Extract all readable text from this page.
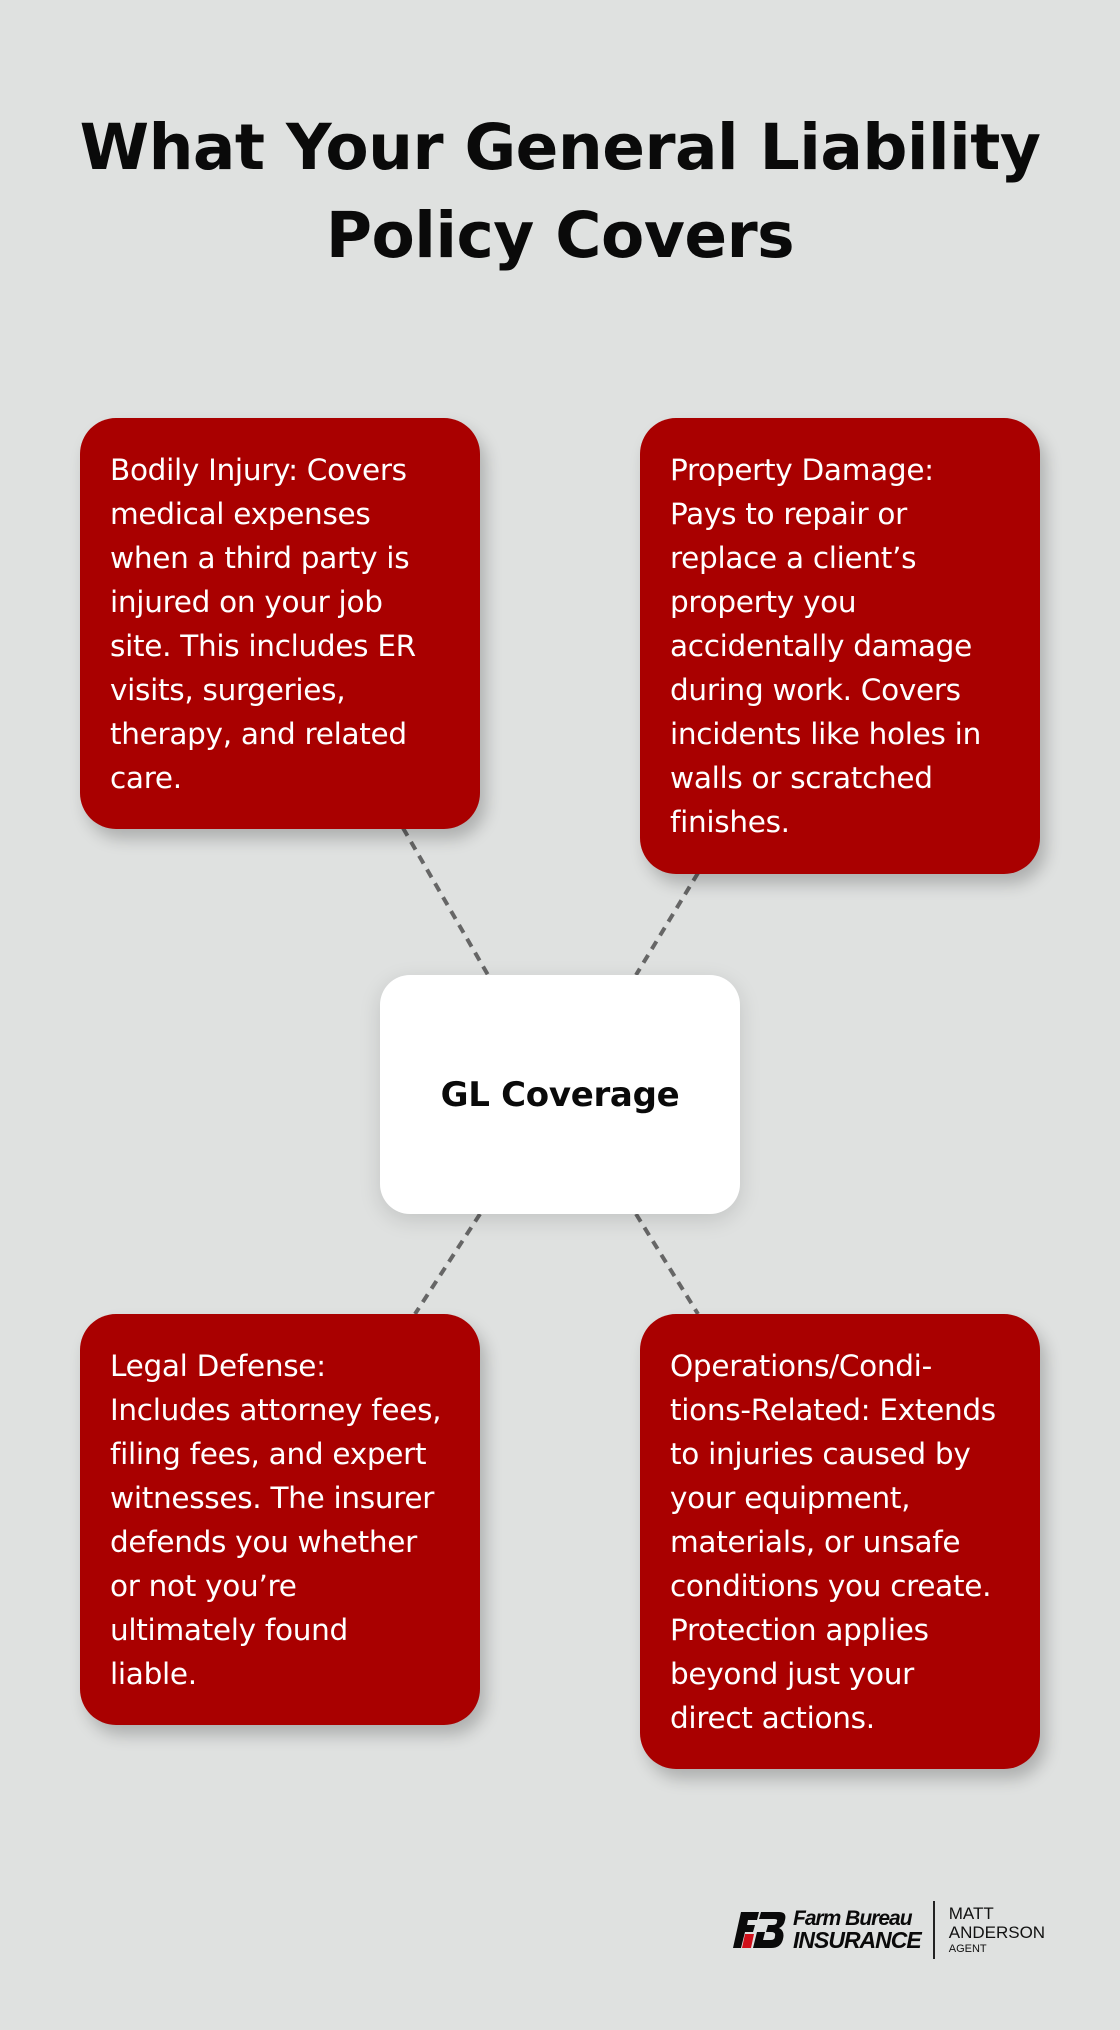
What Your General Liability
Policy Covers
Bodily Injury: Covers
medical expenses
when a third party is
injured on your job
site. This includes ER
visits, surgeries,
therapy, and related
care.
Property Damage:
Pays to repair or
replace a client’s
property you
accidentally damage
during work. Covers
incidents like holes in
walls or scratched
finishes.
GL Coverage
Legal Defense:
Includes attorney fees,
filing fees, and expert
witnesses. The insurer
defends you whether
or not you’re
ultimately found
liable.
Operations/Condi-
tions-Related: Extends
to injuries caused by
your equipment,
materials, or unsafe
conditions you create.
Protection applies
beyond just your
direct actions.
Farm Bureau
INSURANCE
MATT
ANDERSON
AGENT
